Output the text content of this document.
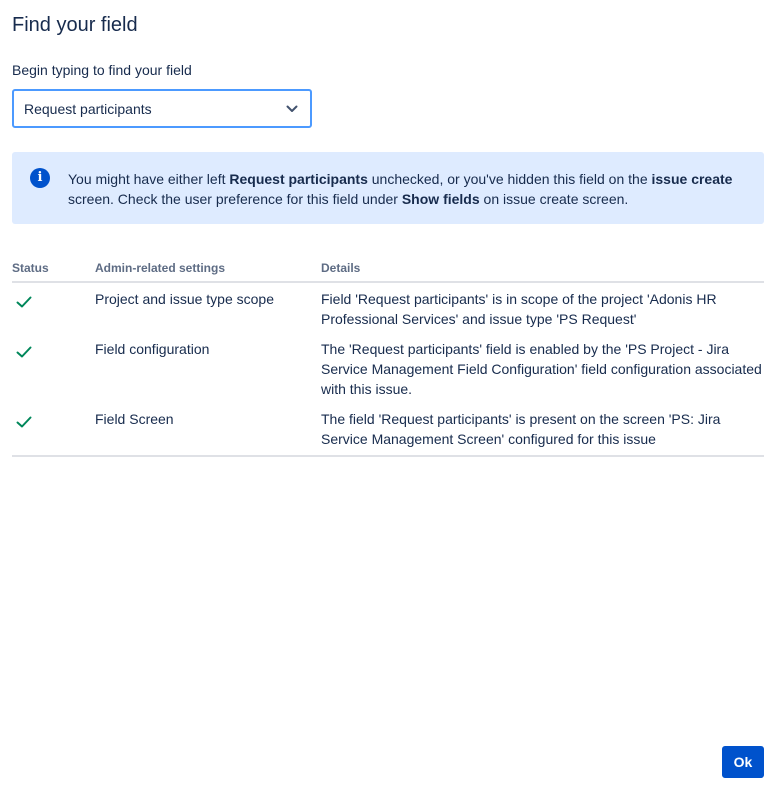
Find your field
Begin typing to find your field
Request participants
i	You might have either left Request participants unchecked, or you've hidden this field on the issue create screen. Check the user preference for this field under Show fields on issue create screen.
Status	Admin-related settings	Details
	Project and issue type scope	Field 'Request participants' is in scope of the project 'Adonis HR Professional Services' and issue type 'PS Request'
	Field configuration	The 'Request participants' field is enabled by the 'PS Project - Jira Service Management Field Configuration' field configuration associated with this issue.
	Field Screen	The field 'Request participants' is present on the screen 'PS: Jira Service Management Screen' configured for this issue
Ok
